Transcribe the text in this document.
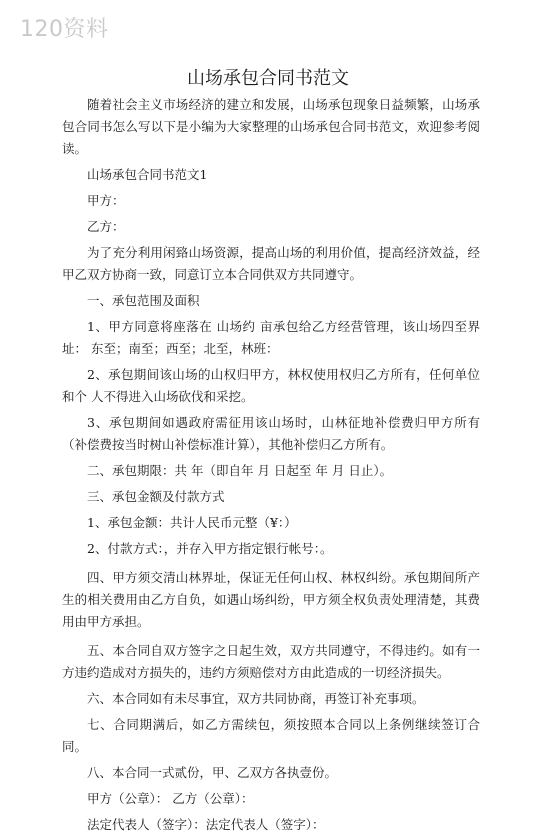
120资料
山场承包合同书范文

随着社会主义市场经济的建立和发展，山场承包现象日益频繁，山场承包合同书怎么写以下是小编为大家整理的山场承包合同书范文，欢迎参考阅读。

山场承包合同书范文1

甲方：

乙方：

为了充分利用闲臵山场资源，提高山场的利用价值，提高经济效益，经甲乙双方协商一致，同意订立本合同供双方共同遵守。

一、承包范围及面积

1、甲方同意将座落在 山场约 亩承包给乙方经营管理，该山场四至界址： 东至；南至；西至；北至，林班：

2、承包期间该山场的山权归甲方，林权使用权归乙方所有，任何单位和个 人不得进入山场砍伐和采挖。

3、承包期间如遇政府需征用该山场时，山林征地补偿费归甲方所有（补偿费按当时树山补偿标准计算），其他补偿归乙方所有。

二、承包期限：共 年（即自年 月 日起至 年 月 日止）。

三、承包金额及付款方式

1、承包金额：共计人民币元整（¥：）

2、付款方式：，并存入甲方指定银行帐号：。

四、甲方须交清山林界址，保证无任何山权、林权纠纷。承包期间所产生的相关费用由乙方自负，如遇山场纠纷，甲方须全权负责处理清楚，其费用由甲方承担。

五、本合同自双方签字之日起生效，双方共同遵守，不得违约。如有一方违约造成对方损失的，违约方须赔偿对方由此造成的一切经济损失。

六、本合同如有未尽事宜，双方共同协商，再签订补充事项。

七、合同期满后，如乙方需续包，须按照本合同以上条例继续签订合同。

八、本合同一式贰份，甲、乙双方各执壹份。

甲方（公章）： 乙方（公章）：

法定代表人（签字）：法定代表人（签字）：
